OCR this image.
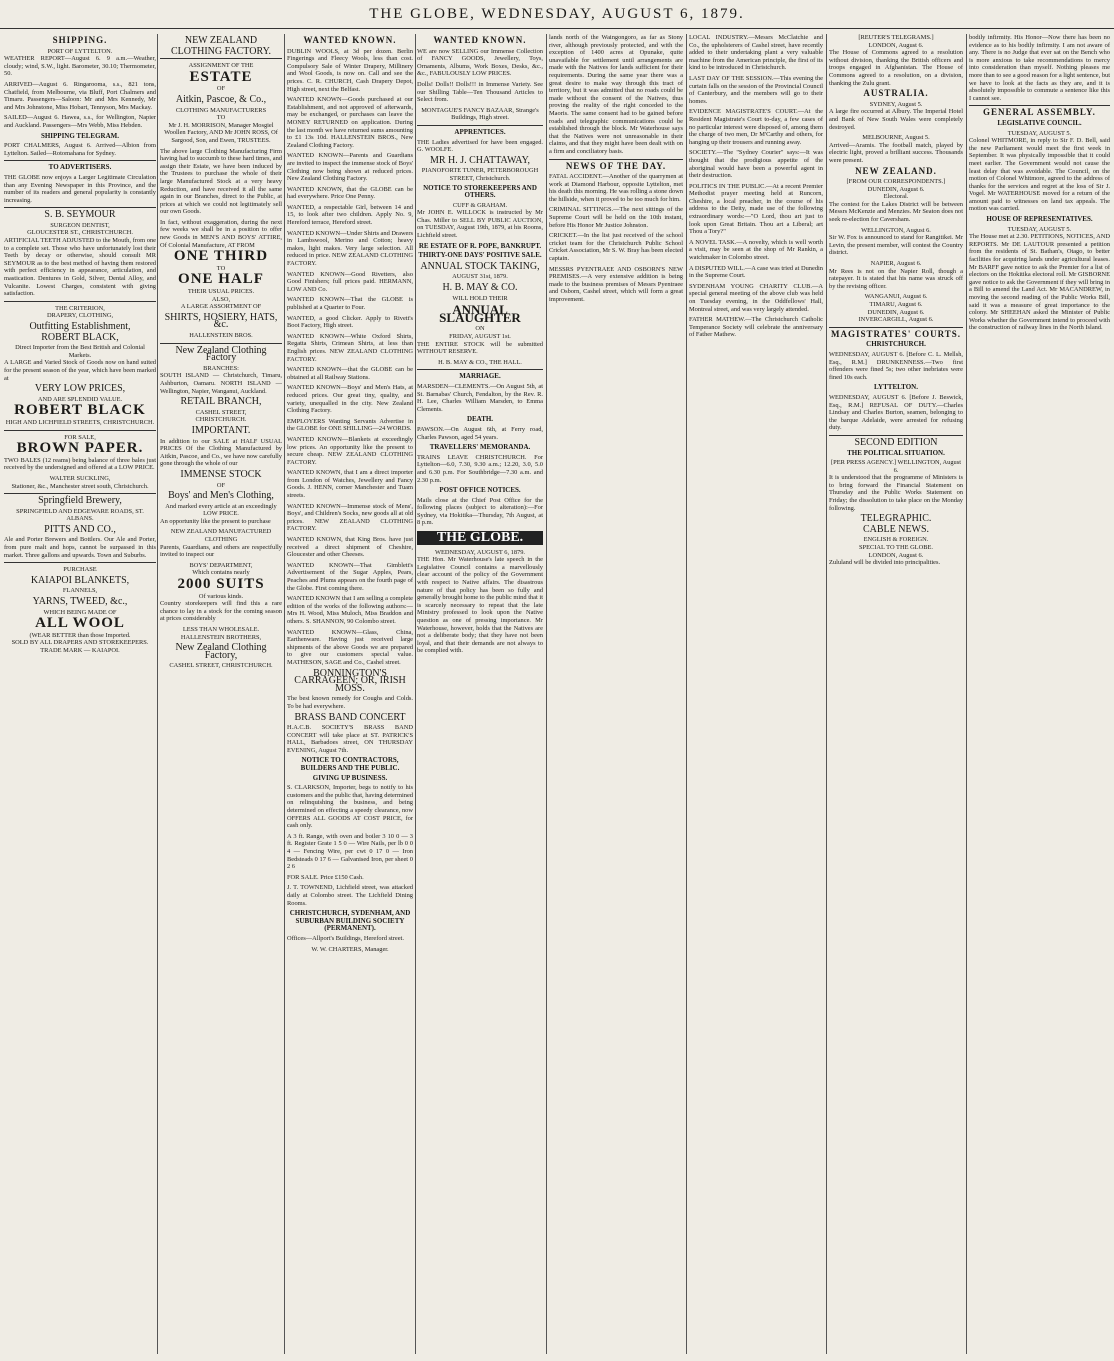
THE GLOBE, WEDNESDAY, AUGUST 6, 1879.
SHIPPING.
PORT OF LYTTELTON.

WEATHER REPORT—August 6. 9 a.m.—Weather, cloudy; wind, S.W., light. Barometer, 30.10; Thermometer, 50.

ARRIVED—August 6. Ringarooma, s.s., 821 tons, Chatfield, from Melbourne, via Bluff, Port Chalmers and Timaru. Passengers—Saloon: Mr and Mrs Kennedy, Mr and Mrs Johnstone, Miss Hobart, Tennyson, Mrs Mackay.

SAILED—August 6. Hawea, s.s., for Wellington, Napier and Auckland. Passengers—Mrs Webb, Miss Hebden.

SHIPPING TELEGRAM.

PORT CHALMERS, August 6. Arrived—Albion from Lyttelton. Sailed—Rotomahana for Sydney.

TO ADVERTISERS.

THE GLOBE now enjoys a Larger Legitimate Circulation than any Evening Newspaper in this Province, and the number of its readers and general popularity is constantly increasing.

S. B. SEYMOUR
SURGEON DENTIST,
GLOUCESTER ST., CHRISTCHURCH.

ARTIFICIAL TEETH ADJUSTED to the Mouth, from one to a complete set. Those who have unfortunately lost their Teeth by decay or otherwise, should consult MR SEYMOUR as to the best method of having them restored with perfect efficiency in appearance, articulation, and mastication. Dentures in Gold, Silver, Dental Alloy, and Vulcanite. Lowest Charges, consistent with giving satisfaction.

THE CRITERION,
DRAPERY, CLOTHING,
Outfitting Establishment,
ROBERT BLACK,
Direct Importer from the Best British and Colonial Markets.

A LARGE and Varied Stock of Goods now on hand suited for the present season of the year, which have been marked at

VERY LOW PRICES,
AND ARE SPLENDID VALUE.
ROBERT BLACK
HIGH AND LICHFIELD STREETS, CHRISTCHURCH.
FOR SALE,
BROWN PAPER.

TWO BALES (12 reams) being balance of three bales just received by the undersigned and offered at a LOW PRICE.

WALTER SUCKLING,
Stationer, &c., Manchester street south, Christchurch.
Springfield Brewery,
SPRINGFIELD AND EDGEWARE ROADS, ST. ALBANS.
PITTS AND CO.,

Ale and Porter Brewers and Bottlers. Our Ale and Porter, from pure malt and hops, cannot be surpassed in this market. Three gallons and upwards. Town and Suburbs.

PURCHASE
KAIAPOI BLANKETS,
FLANNELS,
YARNS, TWEED, &c.,
WHICH BEING MADE OF
ALL WOOL
(WEAR BETTER than those Imported.
SOLD BY ALL DRAPERS AND STOREKEEPERS.
TRADE MARK — KAIAPOI.
NEW ZEALAND
CLOTHING FACTORY.
ASSIGNMENT OF THE
ESTATE
OF
Aitkin, Pascoe, & Co.,
CLOTHING MANUFACTURERS
TO

Mr J. H. MORRISON, Manager Mosgiel Woollen Factory, AND Mr JOHN ROSS, Of Sargood, Son, and Ewen, TRUSTEES.

The above large Clothing Manufacturing Firm having had to succumb to these hard times, and assign their Estate, we have been induced by the Trustees to purchase the whole of their large Manufactured Stock at a very heavy Reduction, and have received it all the same again in our Branches, direct to the Public, at prices at which we could not legitimately sell our own Goods.

In fact, without exaggeration, during the next few weeks we shall be in a position to offer new Goods in MEN'S AND BOYS' ATTIRE, Of Colonial Manufacture, AT FROM

ONE THIRD
TO
ONE HALF
THEIR USUAL PRICES.
ALSO,
A LARGE ASSORTMENT OF
SHIRTS, HOSIERY, HATS, &c.
HALLENSTEIN BROS.
New Zealand Clothing Factory
BRANCHES:

SOUTH ISLAND — Christchurch, Timaru, Ashburton, Oamaru. NORTH ISLAND — Wellington, Napier, Wanganui, Auckland.

RETAIL BRANCH,
CASHEL STREET,
CHRISTCHURCH.
IMPORTANT.

In addition to our SALE at HALF USUAL PRICES Of the Clothing Manufactured by Aitkin, Pascoe, and Co., we have now carefully gone through the whole of our

IMMENSE STOCK
OF
Boys' and Men's Clothing,
And marked every article at an exceedingly
LOW PRICE.

An opportunity like the present to purchase

NEW ZEALAND MANUFACTURED CLOTHING

Parents, Guardians, and others are respectfully invited to inspect our

BOYS' DEPARTMENT,
Which contains nearly
2000 SUITS
Of various kinds.

Country storekeepers will find this a rare chance to lay in a stock for the coming season at prices considerably

LESS THAN WHOLESALE.
HALLENSTEIN BROTHERS,
New Zealand Clothing Factory,
CASHEL STREET, CHRISTCHURCH.
WANTED KNOWN.

DUBLIN WOOLS, at 3d per dozen. Berlin Fingerings and Fleecy Wools, less than cost. Compulsory Sale of Winter Drapery, Millinery and Wool Goods, is now on. Call and see the prices. C. R. CHURCH, Cash Drapery Depot, High street, next the Belfast.

WANTED KNOWN—Goods purchased at our Establishment, and not approved of afterwards, may be exchanged, or purchases can leave the MONEY RETURNED on application. During the last month we have returned sums amounting to £1 13s 10d. HALLENSTEIN BROS., New Zealand Clothing Factory.

WANTED KNOWN—Parents and Guardians are invited to inspect the immense stock of Boys' Clothing now being shown at reduced prices. New Zealand Clothing Factory.

WANTED KNOWN, that the GLOBE can be had everywhere. Price One Penny.

WANTED, a respectable Girl, between 14 and 15, to look after two children. Apply No. 9, Hereford terrace, Hereford street.

WANTED KNOWN—Under Shirts and Drawers in Lambswool, Merino and Cotton; heavy makes, light makes. Very large selection. All reduced in price. NEW ZEALAND CLOTHING FACTORY.

WANTED KNOWN—Good Rivetters, also Good Finishers; full prices paid. HERMANN, LOW AND Co.

WANTED KNOWN—That the GLOBE is published at a Quarter to Four.

WANTED, a good Clicker. Apply to Rivett's Boot Factory, High street.

WANTED KNOWN—White Oxford Shirts, Regatta Shirts, Crimean Shirts, at less than English prices. NEW ZEALAND CLOTHING FACTORY.

WANTED KNOWN—that the GLOBE can be obtained at all Railway Stations.

WANTED KNOWN—Boys' and Men's Hats, at reduced prices. Our great tiny, quality, and variety, unequalled in the city. New Zealand Clothing Factory.

EMPLOYERS Wanting Servants Advertise in the GLOBE for ONE SHILLING—24 WORDS.

WANTED KNOWN—Blankets at exceedingly low prices. An opportunity like the present to secure cheap. NEW ZEALAND CLOTHING FACTORY.

WANTED KNOWN, that I am a direct importer from London of Watches, Jewellery and Fancy Goods. J. HENN, corner Manchester and Tuam streets.

WANTED KNOWN—Immense stock of Mens', Boys', and Children's Socks, new goods all at old prices. NEW ZEALAND CLOTHING FACTORY.

WANTED KNOWN, that King Bros. have just received a direct shipment of Cheshire, Gloucester and other Cheeses.

WANTED KNOWN—That Gimblett's Advertisement of the Sugar Apples, Pears, Peaches and Plums appears on the fourth page of the Globe. First coming there.

WANTED KNOWN that I am selling a complete edition of the works of the following authors:—Mrs H. Wood, Miss Muloch, Miss Braddon and others. S. SHANNON, 90 Colombo street.

WANTED KNOWN—Glass, China, Earthenware. Having just received large shipments of the above Goods we are prepared to give our customers special value. MATHESON, SAGE and Co., Cashel street.

BONNINGTON'S CARRAGEEN; OR, IRISH MOSS.

The best known remedy for Coughs and Colds. To be had everywhere.

BRASS BAND CONCERT

H.A.C.B. SOCIETY'S BRASS BAND CONCERT will take place at ST. PATRICK'S HALL, Barbadoes street, ON THURSDAY EVENING, August 7th.

NOTICE TO CONTRACTORS, BUILDERS AND THE PUBLIC.
GIVING UP BUSINESS.

S. CLARKSON, Importer, begs to notify to his customers and the public that, having determined on relinquishing the business, and being determined on effecting a speedy clearance, now OFFERS ALL GOODS AT COST PRICE, for cash only.

A 3 ft. Range, with oven and boiler 3 10 0 — 3 ft. Register Grate 1 5 0 — Wire Nails, per lb 0 0 4 — Fencing Wire, per cwt 0 17 0 — Iron Bedsteads 0 17 6 — Galvanised Iron, per sheet 0 2 6

FOR SALE. Price £150 Cash.

J. T. TOWNEND, Lichfield street, was attacked daily at Colombo street. The Lichfield Dining Rooms.

CHRISTCHURCH, SYDENHAM, AND SUBURBAN BUILDING SOCIETY (PERMANENT).

Offices—Allport's Buildings, Hereford street.

W. W. CHARTERS, Manager.
WANTED KNOWN.

WE are now SELLING our Immense Collection of FANCY GOODS, Jewellery, Toys, Ornaments, Albums, Work Boxes, Desks, &c., &c., FABULOUSLY LOW PRICES.

Dolls! Dolls!! Dolls!!! in Immense Variety. See our Shilling Table—Ten Thousand Articles to Select from.

MONTAGUE'S FANCY BAZAAR, Strange's Buildings, High street.
APPRENTICES.

THE Ladies advertised for have been engaged. G. WOOLFE.

MR H. J. CHATTAWAY,
PIANOFORTE TUNER, PETERBOROUGH STREET, Christchurch.
NOTICE TO STOREKEEPERS AND OTHERS.
CUFF & GRAHAM.

Mr JOHN E. WILLOCK is instructed by Mr Chas. Miller to SELL BY PUBLIC AUCTION, on TUESDAY, August 19th, 1879, at his Rooms, Lichfield street.

RE ESTATE OF R. POPE, BANKRUPT.
THIRTY-ONE DAYS' POSITIVE SALE.
ANNUAL STOCK TAKING,
AUGUST 31st, 1879.
H. B. MAY & CO.
WILL HOLD THEIR
ANNUAL SLAUGHTER
ON
FRIDAY, AUGUST 1st.

THE ENTIRE STOCK will be submitted WITHOUT RESERVE.

H. B. MAY & CO., THE HALL.
MARRIAGE.

MARSDEN—CLEMENTS.—On August 5th, at St. Barnabas' Church, Fendalton, by the Rev. R. H. Lee, Charles William Marsden, to Emma Clements.

DEATH.

PAWSON.—On August 6th, at Ferry road, Charles Pawson, aged 54 years.

TRAVELLERS' MEMORANDA.

TRAINS LEAVE CHRISTCHURCH. For Lyttelton—6.0, 7.30, 9.30 a.m.; 12.20, 3.0, 5.0 and 6.30 p.m. For Southbridge—7.30 a.m. and 2.30 p.m.

POST OFFICE NOTICES.

Mails close at the Chief Post Office for the following places (subject to alteration):—For Sydney, via Hokitika—Thursday, 7th August, at 8 p.m.

THE GLOBE.
WEDNESDAY, AUGUST 6, 1879.

THE Hon. Mr Waterhouse's late speech in the Legislative Council contains a marvellously clear account of the policy of the Government with respect to Native affairs. The disastrous nature of that policy has been so fully and generally brought home to the public mind that it is scarcely necessary to repeat that the late Ministry professed to look upon the Native question as one of pressing importance. Mr Waterhouse, however, holds that the Natives are not a deliberate body; that they have not been loyal, and that their demands are not always to be complied with.

lands north of the Waingongoro, as far as Stony river, although previously protected, and with the exception of 1400 acres at Opunake, quite unavailable for settlement until arrangements are made with the Natives for lands sufficient for their requirements. During the same year there was a great desire to make way through this tract of territory, but it was admitted that no roads could be made without the consent of the Natives, thus proving the reality of the right conceded to the Maoris. The same consent had to be gained before roads and telegraphic communications could be established through the block. Mr Waterhouse says that the Natives were not unreasonable in their claims, and that they might have been dealt with on a firm and conciliatory basis.

NEWS OF THE DAY.

FATAL ACCIDENT.—Another of the quarrymen at work at Diamond Harbour, opposite Lyttelton, met his death this morning. He was rolling a stone down the hillside, when it proved to be too much for him.

CRIMINAL SITTINGS.—The next sittings of the Supreme Court will be held on the 10th instant, before His Honor Mr Justice Johnston.

CRICKET.—In the list just received of the school cricket team for the Christchurch Public School Cricket Association, Mr S. W. Bray has been elected captain.

MESSRS PYENTRAEE AND OSBORN'S NEW PREMISES.—A very extensive addition is being made to the business premises of Messrs Pyentraee and Osborn, Cashel street, which will form a great improvement.

LOCAL INDUSTRY.—Messrs McClatchie and Co., the upholsterers of Cashel street, have recently added to their undertaking plant a very valuable machine from the American principle, the first of its kind to be introduced in Christchurch.

LAST DAY OF THE SESSION.—This evening the curtain falls on the session of the Provincial Council of Canterbury, and the members will go to their homes.

EVIDENCE MAGISTRATE'S COURT.—At the Resident Magistrate's Court to-day, a few cases of no particular interest were disposed of, among them the charge of two men, Dr M'Carthy and others, for hanging up their trousers and running away.

SOCIETY.—The "Sydney Courier" says:—It was thought that the prodigious appetite of the aboriginal would have been a powerful agent in their destruction.

POLITICS IN THE PUBLIC.—At a recent Premier Methodist prayer meeting held at Runcorn, Cheshire, a local preacher, in the course of his address to the Deity, made use of the following extraordinary words:—"O Lord, thou art just to look upon Great Britain. Thou art a Liberal; art Thou a Tory?"

A NOVEL TASK.—A novelty, which is well worth a visit, may be seen at the shop of Mr Rankin, a watchmaker in Colombo street.

A DISPUTED WILL.—A case was tried at Dunedin in the Supreme Court.

SYDENHAM YOUNG CHARITY CLUB.—A special general meeting of the above club was held on Tuesday evening, in the Oddfellows' Hall, Montreal street, and was very largely attended.

FATHER MATHEW.—The Christchurch Catholic Temperance Society will celebrate the anniversary of Father Mathew.

[REUTER'S TELEGRAMS.]
LONDON, August 6.

The House of Commons agreed to a resolution without division, thanking the British officers and troops engaged in Afghanistan. The House of Commons agreed to a resolution, on a division, thanking the Zulu grant.

AUSTRALIA.
SYDNEY, August 5.

A large fire occurred at Albury. The Imperial Hotel and Bank of New South Wales were completely destroyed.

MELBOURNE, August 5.

Arrived—Aramis. The football match, played by electric light, proved a brilliant success. Thousands were present.

NEW ZEALAND.
[FROM OUR CORRESPONDENTS.]
DUNEDIN, August 6.
Electoral.

The contest for the Lakes District will be between Messrs McKenzie and Menzies. Mr Seaton does not seek re-election for Caversham.

WELLINGTON, August 6.

Sir W. Fox is announced to stand for Rangitikei. Mr Levin, the present member, will contest the Country district.

NAPIER, August 6.

Mr Rees is not on the Napier Roll, though a ratepayer. It is stated that his name was struck off by the revising officer.

WANGANUI, August 6.
TIMARU, August 6.
DUNEDIN, August 6.
INVERCARGILL, August 6.
MAGISTRATES' COURTS.
CHRISTCHURCH.

WEDNESDAY, AUGUST 6. [Before C. L. Mellsh, Esq., R.M.] DRUNKENNESS.—Two first offenders were fined 5s; two other inebriates were fined 10s each.

LYTTELTON.

WEDNESDAY, AUGUST 6. [Before J. Beswick, Esq., R.M.] REFUSAL OF DUTY.—Charles Lindsay and Charles Burton, seamen, belonging to the barque Adelaide, were arrested for refusing duty.

SECOND EDITION
THE POLITICAL SITUATION.
[PER PRESS AGENCY.] WELLINGTON, August 6.

It is understood that the programme of Ministers is to bring forward the Financial Statement on Thursday and the Public Works Statement on Friday; the dissolution to take place on the Monday following.

TELEGRAPHIC.
CABLE NEWS.
ENGLISH & FOREIGN.
SPECIAL TO THE GLOBE.
LONDON, August 6.

Zululand will be divided into principalities.

bodily infirmity. His Honor—Now there has been no evidence as to his bodily infirmity. I am not aware of any. There is no Judge that ever sat on the Bench who is more anxious to take recommendations to mercy into consideration than myself. Nothing pleases me more than to see a good reason for a light sentence, but we have to look at the facts as they are, and it is absolutely impossible to commute a sentence like this I cannot see.

GENERAL ASSEMBLY.
LEGISLATIVE COUNCIL.
TUESDAY, AUGUST 5.

Colonel WHITMORE, in reply to Sir F. D. Bell, said the new Parliament would meet the first week in September. It was physically impossible that it could meet earlier. The Government would not cause the least delay that was avoidable. The Council, on the motion of Colonel Whitmore, agreed to the address of thanks for the services and regret at the loss of Sir J. Vogel. Mr WATERHOUSE moved for a return of the amount paid to witnesses on land tax appeals. The motion was carried.

HOUSE OF REPRESENTATIVES.
TUESDAY, AUGUST 5.

The House met at 2.30. PETITIONS, NOTICES, AND REPORTS. Mr DE LAUTOUR presented a petition from the residents of St. Bathan's, Otago, to better facilities for acquiring lands under agricultural leases. Mr BARFF gave notice to ask the Premier for a list of electors on the Hokitika electoral roll. Mr GISBORNE gave notice to ask the Government if they will bring in a Bill to amend the Land Act. Mr MACANDREW, in moving the second reading of the Public Works Bill, said it was a measure of great importance to the colony. Mr SHEEHAN asked the Minister of Public Works whether the Government intend to proceed with the construction of railway lines in the North Island.
